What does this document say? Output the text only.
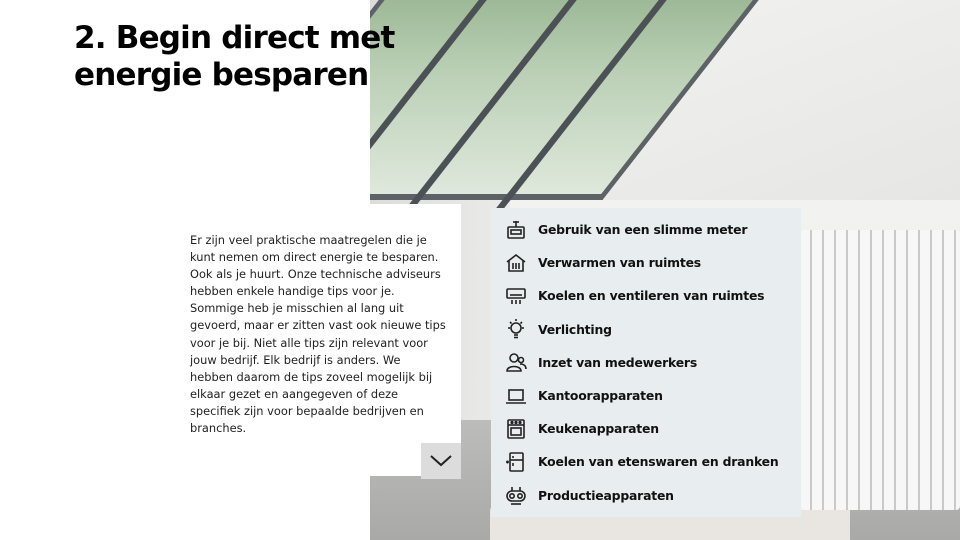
2. Begin direct met
energie besparen

Er zijn veel praktische maatregelen die je kunt nemen om direct energie te besparen. Ook als je huurt. Onze technische adviseurs hebben enkele handige tips voor je. Sommige heb je misschien al lang uit gevoerd, maar er zitten vast ook nieuwe tips voor je bij. Niet alle tips zijn relevant voor jouw bedrijf. Elk bedrijf is anders. We hebben daarom de tips zoveel mogelijk bij elkaar gezet en aangegeven of deze specifiek zijn voor bepaalde bedrijven en branches.

Gebruik van een slimme meter
Verwarmen van ruimtes
Koelen en ventileren van ruimtes
Verlichting
Inzet van medewerkers
Kantoorapparaten
Keukenapparaten
Koelen van etenswaren en dranken
Productieapparaten
